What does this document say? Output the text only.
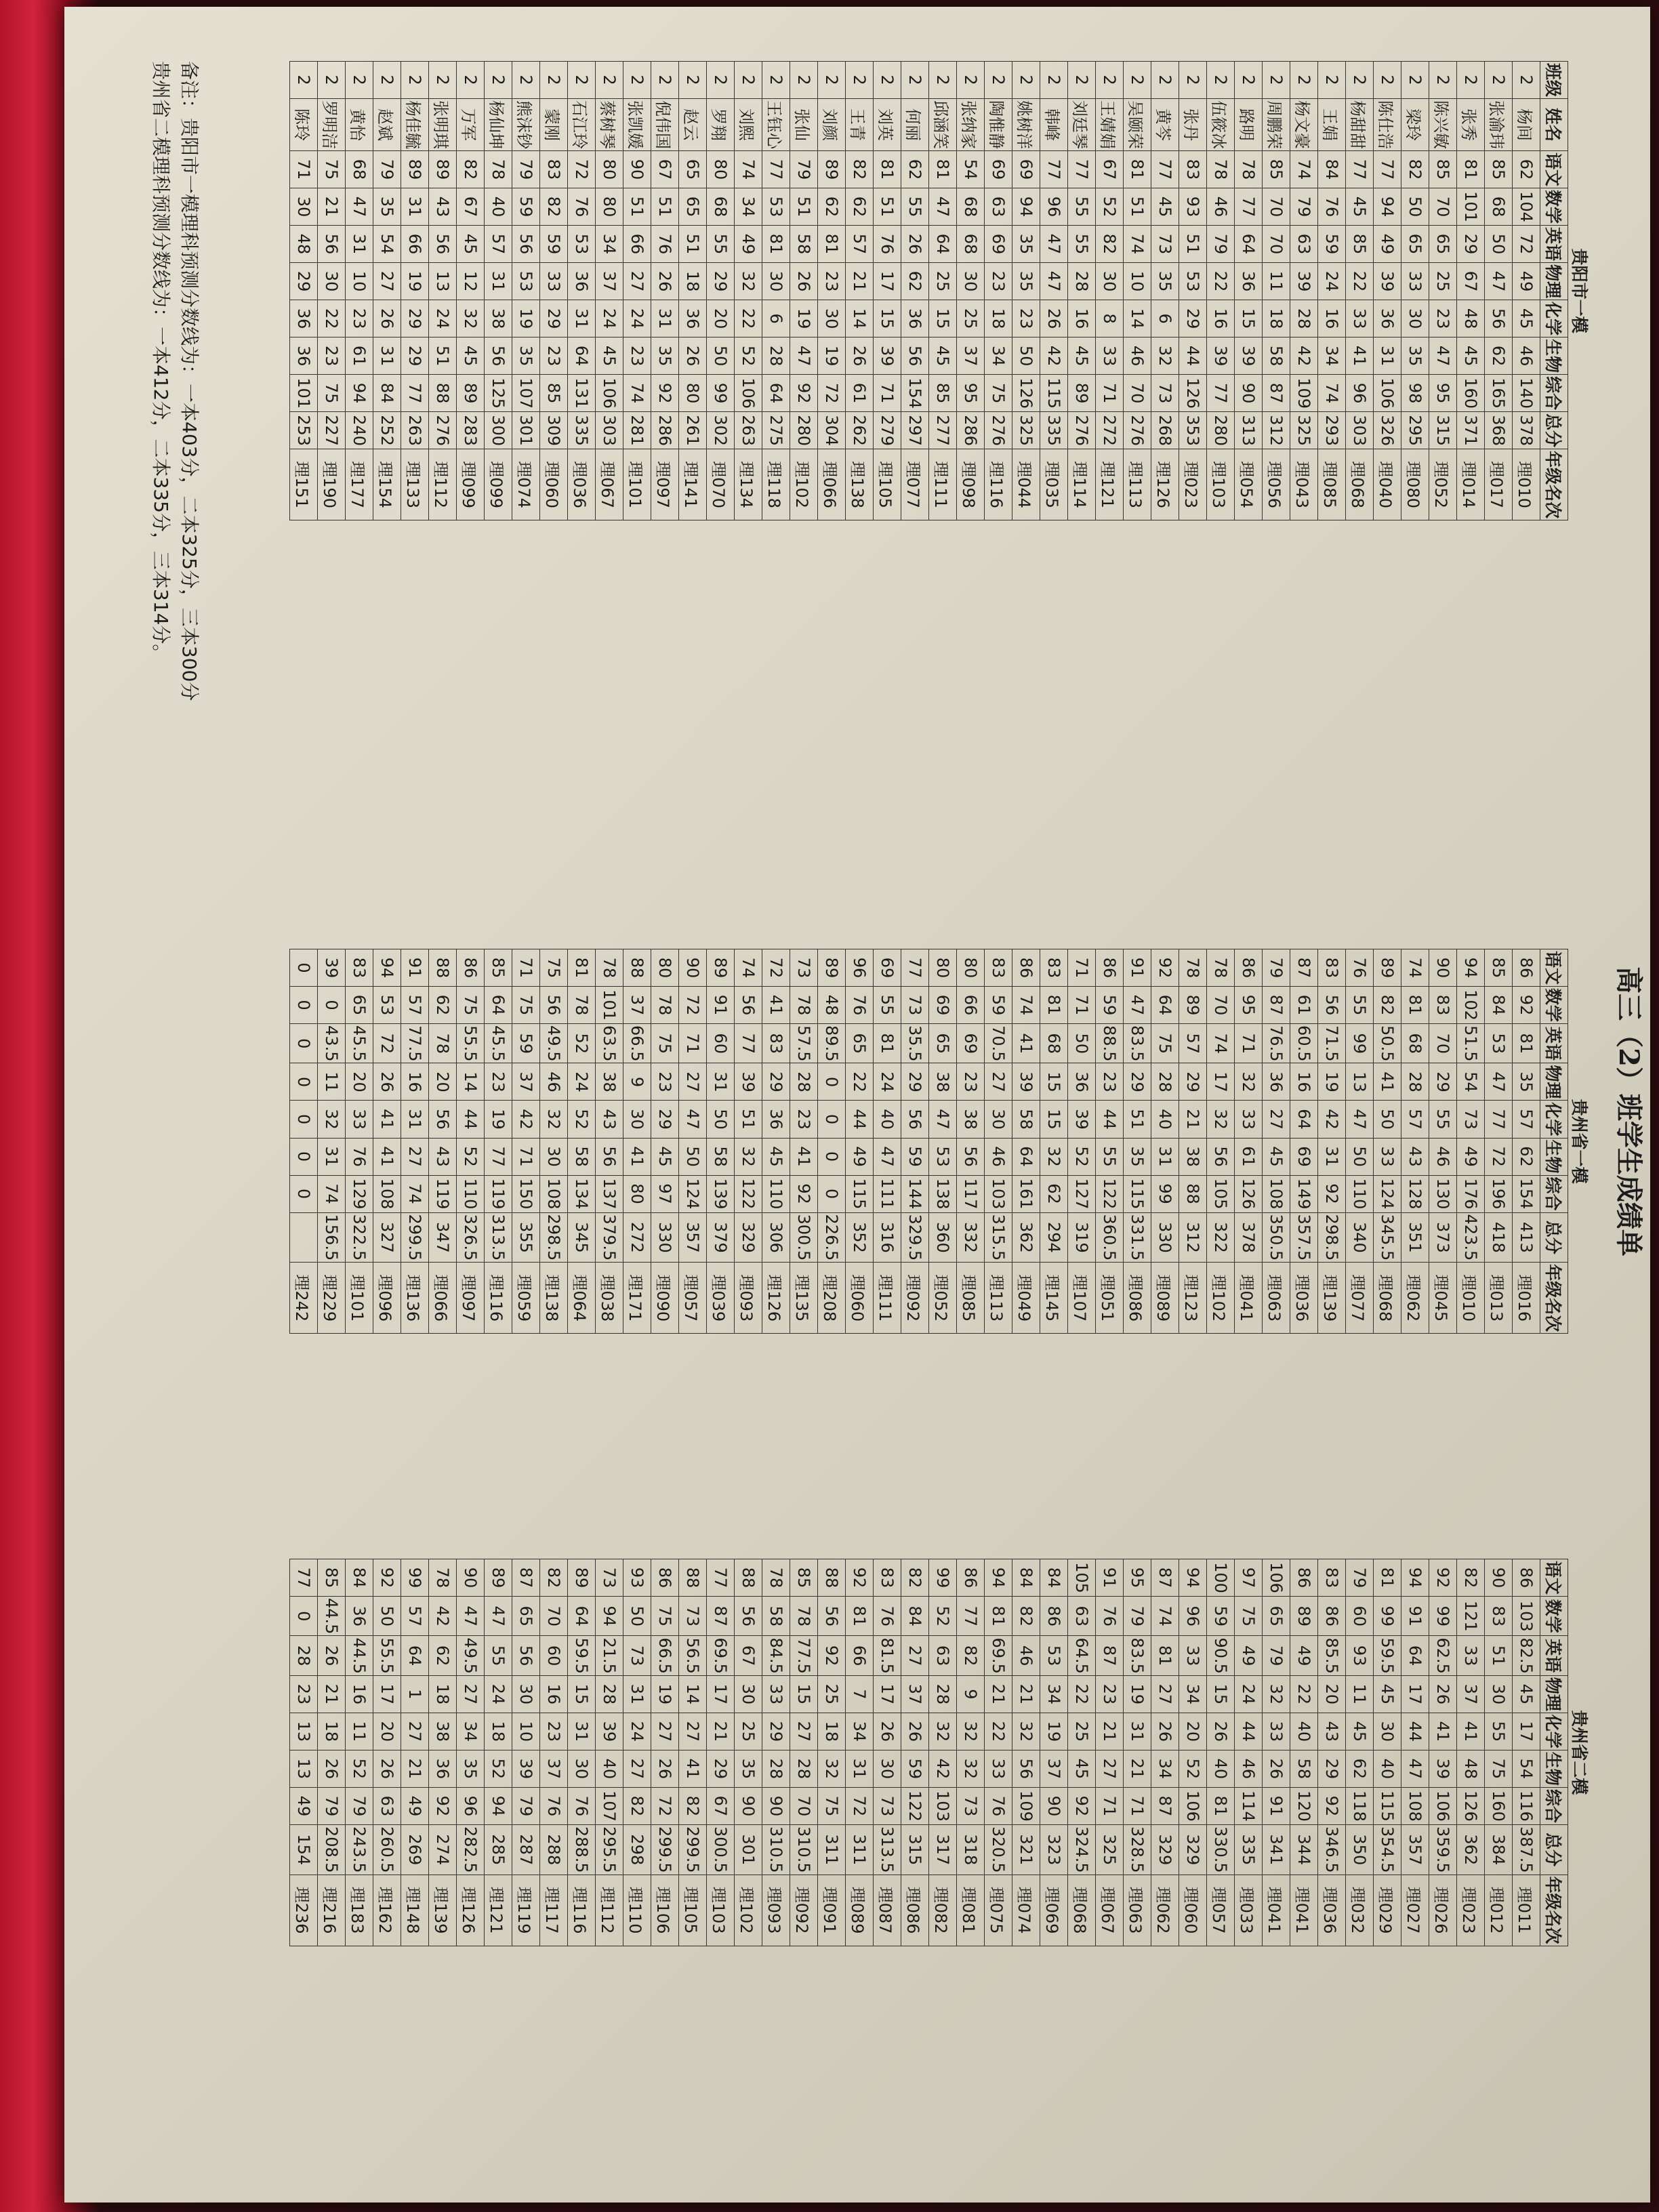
高三（2）班学生成绩单
贵阳市一模										
班级	姓名	语文	数学	英语	物理	化学	生物	综合	总分	年级名次
2	杨间	62	104	72	49	45	46	140	378	理010
2	张渝玮	85	68	50	47	56	62	165	368	理017
2	张秀	81	101	29	67	48	45	160	371	理014
2	陈兴敏	85	70	65	25	23	47	95	315	理052
2	梁玲	82	50	65	33	30	35	98	295	理080
2	陈仕浩	77	94	49	39	36	31	106	326	理040
2	杨甜甜	77	45	85	22	33	41	96	303	理068
2	王娟	84	76	59	24	16	34	74	293	理085
2	杨文豪	74	79	63	39	28	42	109	325	理043
2	周鹏荣	85	70	70	11	18	58	87	312	理056
2	路明	78	77	64	36	15	39	90	313	理054
2	伍筱冰	78	46	79	22	16	39	77	280	理103
2	张丹	83	93	51	53	29	44	126	353	理023
2	黄芩	77	45	73	35	6	32	73	268	理126
2	吴颐荣	81	51	74	10	14	46	70	276	理113
2	王婧娟	67	52	82	30	8	33	71	272	理121
2	刘廷琴	77	55	55	28	16	45	89	276	理114
2	韩峰	77	96	47	47	26	42	115	335	理035
2	姚树洋	69	94	35	35	23	50	126	325	理044
2	陶惟静	69	63	69	23	18	34	75	276	理116
2	张纳家	54	68	68	30	25	37	95	286	理098
2	邱涵笑	81	47	64	25	15	45	85	277	理111
2	何丽	62	55	26	62	36	56	154	297	理077
2	刘英	81	51	76	17	15	39	71	279	理105
2	王青	82	62	57	21	14	26	61	262	理138
2	刘颜	89	62	81	23	30	19	72	304	理066
2	张仙	79	51	58	26	19	47	92	280	理102
2	王钰心	77	53	81	30	6	28	64	275	理118
2	刘熙	74	34	49	32	22	52	106	263	理134
2	罗翔	80	68	55	29	20	50	99	302	理070
2	赵云	65	65	51	18	36	26	80	261	理141
2	倪伟国	67	51	76	26	31	35	92	286	理097
2	张凯媛	90	51	66	27	24	23	74	281	理101
2	蔡树琴	80	80	34	37	24	45	106	303	理067
2	石江玲	72	76	53	36	31	64	131	335	理036
2	蒙刚	83	82	59	33	29	23	85	309	理060
2	熊沫钞	79	59	56	53	19	35	107	301	理074
2	杨仙坤	78	40	57	31	38	56	125	300	理099
2	万军	82	67	45	12	32	45	89	283	理099
2	张明琪	89	43	56	13	24	51	88	276	理112
2	杨佳毓	89	31	66	19	29	29	77	263	理133
2	赵斌	79	35	54	27	26	31	84	252	理154
2	黄怡	68	47	31	10	23	61	94	240	理177
2	罗明洁	75	21	56	30	22	23	75	227	理190
2	陈玲	71	30	48	29	36	36	101	253	理151
贵州省一模								
语文	数学	英语	物理	化学	生物	综合	总分	年级名次
86	92	81	35	57	62	154	413	理016
85	84	53	47	77	72	196	418	理013
94	102	51.5	54	73	49	176	423.5	理010
90	83	70	29	55	46	130	373	理045
74	81	68	28	57	43	128	351	理062
89	82	50.5	41	50	33	124	345.5	理068
76	55	99	13	47	50	110	340	理077
83	56	71.5	19	42	31	92	298.5	理139
87	61	60.5	16	64	69	149	357.5	理036
79	87	76.5	36	27	45	108	350.5	理063
86	95	71	32	33	61	126	378	理041
78	70	74	17	32	56	105	322	理102
78	89	57	29	21	38	88	312	理123
92	64	75	28	40	31	99	330	理089
91	47	83.5	29	51	35	115	331.5	理086
86	59	88.5	23	44	55	122	360.5	理051
71	71	50	36	39	52	127	319	理107
83	81	68	15	15	32	62	294	理145
86	74	41	39	58	64	161	362	理049
83	59	70.5	27	30	46	103	315.5	理113
80	66	69	23	38	56	117	332	理085
80	69	65	38	47	53	138	360	理052
77	73	35.5	29	56	59	144	329.5	理092
69	55	81	24	40	47	111	316	理111
96	76	65	22	44	49	115	352	理060
89	48	89.5	0	0	0	0	226.5	理208
73	78	57.5	28	23	41	92	300.5	理135
72	41	83	29	36	45	110	306	理126
74	56	77	39	51	32	122	329	理093
89	91	60	31	50	58	139	379	理039
90	72	71	27	47	50	124	357	理057
80	78	75	23	29	45	97	330	理090
88	37	66.5	9	30	41	80	272	理171
78	101	63.5	38	43	56	137	379.5	理038
81	78	52	24	52	58	134	345	理064
75	56	49.5	46	32	30	108	298.5	理138
71	75	59	37	42	71	150	355	理059
85	64	45.5	23	19	77	119	313.5	理116
86	75	55.5	14	44	52	110	326.5	理097
88	62	78	20	56	43	119	347	理066
91	57	77.5	16	31	27	74	299.5	理136
94	53	72	26	41	41	108	327	理096
83	65	45.5	20	33	76	129	322.5	理101
39	0	43.5	11	32	31	74	156.5	理229
0	0	0	0	0	0	0		理242
贵州省二模								
语文	数学	英语	物理	化学	生物	综合	总分	年级名次
86	103	82.5	45	17	54	116	387.5	理011
90	83	51	30	55	75	160	384	理012
82	121	33	37	41	48	126	362	理023
92	99	62.5	26	41	39	106	359.5	理026
94	91	64	17	44	47	108	357	理027
81	99	59.5	45	30	40	115	354.5	理029
79	60	93	11	45	62	118	350	理032
83	86	85.5	20	43	29	92	346.5	理036
86	89	49	22	40	58	120	344	理041
106	65	79	32	33	26	91	341	理041
97	75	49	24	44	46	114	335	理033
100	59	90.5	15	26	40	81	330.5	理057
94	96	33	34	20	52	106	329	理060
87	74	81	27	26	34	87	329	理062
95	79	83.5	19	31	21	71	328.5	理063
91	76	87	23	21	27	71	325	理067
105	63	64.5	22	25	45	92	324.5	理068
84	86	53	34	19	37	90	323	理069
84	82	46	21	32	56	109	321	理074
94	81	69.5	21	22	33	76	320.5	理075
86	77	82	9	32	32	73	318	理081
99	52	63	28	32	42	103	317	理082
82	84	27	37	26	59	122	315	理086
83	76	81.5	17	26	30	73	313.5	理087
92	81	66	7	34	31	72	311	理089
88	56	92	25	18	32	75	311	理091
85	78	77.5	15	27	28	70	310.5	理092
78	58	84.5	33	29	28	90	310.5	理093
88	56	67	30	25	35	90	301	理102
77	87	69.5	17	21	29	67	300.5	理103
88	73	56.5	14	27	41	82	299.5	理105
86	75	66.5	19	27	26	72	299.5	理106
93	50	73	31	24	27	82	298	理110
73	94	21.5	28	39	40	107	295.5	理112
89	64	59.5	15	31	30	76	288.5	理116
82	70	60	16	23	37	76	288	理117
87	65	56	30	10	39	79	287	理119
89	47	55	24	18	52	94	285	理121
90	47	49.5	27	34	35	96	282.5	理126
78	42	62	18	38	36	92	274	理139
99	57	64	1	27	21	49	269	理148
92	50	55.5	17	20	26	63	260.5	理162
84	36	44.5	16	11	52	79	243.5	理183
85	44.5	26	21	18	26	79	208.5	理216
77	0	28	23	13	13	49	154	理236
备注：贵阳市一模理科预测分数线为：一本403分，二本325分，三本300分
贵州省二模理科预测分数线为：一本412分，二本335分，三本314分。
